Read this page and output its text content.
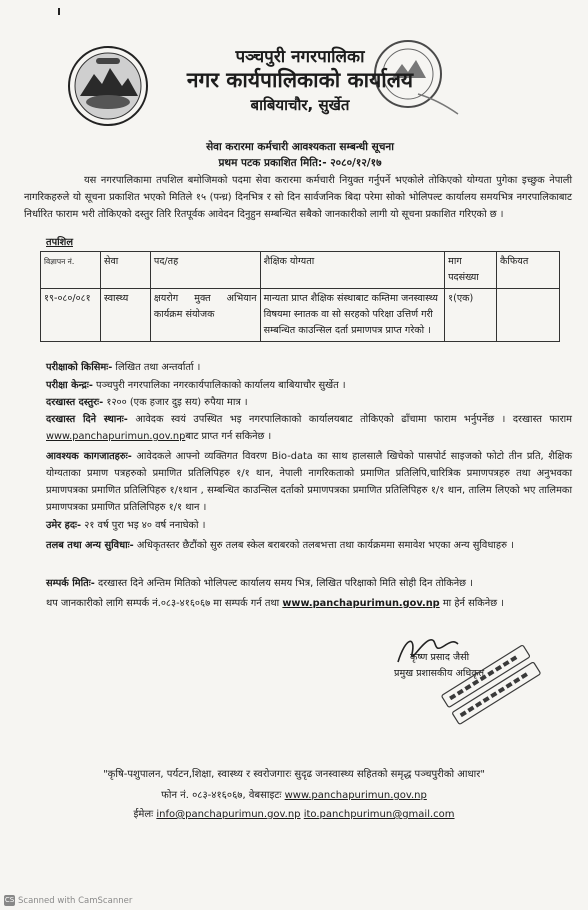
पञ्चपुरी नगरपालिका
नगर कार्यपालिकाको कार्यालय
बाबियाचौर, सुर्खेत
सेवा करारमा कर्मचारी आवश्यकता सम्बन्धी सूचना
प्रथम पटक प्रकाशित मिति:- २०८०/१२/१७
यस नगरपालिकामा तपशिल बमोजिमको पदमा सेवा करारमा कर्मचारी नियुक्त गर्नुपर्ने भएकोले तोकिएको योग्यता पुगेका इच्छुक नेपाली नागरिकहरुले यो सूचना प्रकाशित भएको मितिले १५ (पन्ध्र) दिनभित्र र सो दिन सार्वजनिक बिदा परेमा सोको भोलिपल्ट कार्यालय समयभित्र नगरपालिकाबाट निर्धारित फाराम भरी तोकिएको दस्तुर तिरि रितपूर्वक आवेदन दिनुहुन सम्बन्धित सबैको जानकारीको लागी यो सूचना प्रकाशित गरिएको छ ।
तपशिल
विज्ञापन नं.	सेवा	पद/तह	शैक्षिक योग्यता	माग पदसंख्या	कैफियत
१९-०८०/०८१	स्वास्थ्य	क्षयरोग मुक्त अभियान कार्यक्रम संयोजक	मान्यता प्राप्त शैक्षिक संस्थाबाट कम्तिमा जनस्वास्थ्य विषयमा स्नातक वा सो सरहको परिक्षा उत्तिर्ण गरी सम्बन्धित काउन्सिल दर्ता प्रमाणपत्र प्राप्त गरेको ।	१(एक)	
परीक्षाको किसिमः- लिखित तथा अन्तर्वार्ता ।
परीक्षा केन्द्रः- पञ्चपुरी नगरपालिका नगरकार्यपालिकाको कार्यालय बाबियाचौर सुर्खेत ।
दरखास्त दस्तुरः- १२०० (एक हजार दुइ सय) रुपैया मात्र ।
दरखास्त दिने स्थानः- आवेदक स्वयं उपस्थित भइ नगरपालिकाको कार्यालयबाट तोकिएको ढाँचामा फाराम भर्नुपर्नेछ । दरखास्त फाराम www.panchapurimun.gov.npबाट प्राप्त गर्न सकिनेछ ।
आवश्यक कागजातहरुः- आवेदकले आफ्नो व्यक्तिगत विवरण Bio-data का साथ हालसालै खिचेको पासपोर्ट साइजको फोटो तीन प्रति, शैक्षिक योग्यताका प्रमाण पत्रहरुको प्रमाणित प्रतिलिपिहरु १/१ थान, नेपाली नागरिकताको प्रमाणित प्रतिलिपि,चारित्रिक प्रमाणपत्रहरु तथा अनुभवका प्रमाणपत्रका प्रमाणित प्रतिलिपिहरु १/१थान , सम्बन्धित काउन्सिल दर्ताको प्रमाणपत्रका प्रमाणित प्रतिलिपिहरु १/१ थान, तालिम लिएको भए तालिमका प्रमाणपत्रका प्रमाणित प्रतिलिपिहरु १/१ थान ।
उमेर हदः- २१ वर्ष पुरा भइ ४० वर्ष ननाघेको ।
तलब तथा अन्य सुविधाः- अधिकृतस्तर छैटौंको सुरु तलब स्केल बराबरको तलबभत्ता तथा कार्यक्रममा समावेश भएका अन्य सुविधाहरु ।
सम्पर्क मितिः- दरखास्त दिने अन्तिम मितिको भोलिपल्ट कार्यालय समय भित्र, लिखित परिक्षाको मिति सोही दिन तोकिनेछ ।
थप जानकारीको लागि सम्पर्क नं.०८३-४१६०६७ मा सम्पर्क गर्न तथा www.panchapurimun.gov.np मा हेर्न सकिनेछ ।
कृष्ण प्रसाद जैसी
प्रमुख प्रशासकीय अधिकृत
"कृषि-पशुपालन, पर्यटन,शिक्षा, स्वास्थ्य र स्वरोजगारः सुदृढ जनस्वास्थ्य सहितको समृद्ध पञ्चपुरीको आधार"
फोन नं. ०८३-४१६०६७, वेबसाइटः www.panchapurimun.gov.np
ईमेलः info@panchapurimun.gov.np ito.panchpurimun@gmail.com
CS Scanned with CamScanner
